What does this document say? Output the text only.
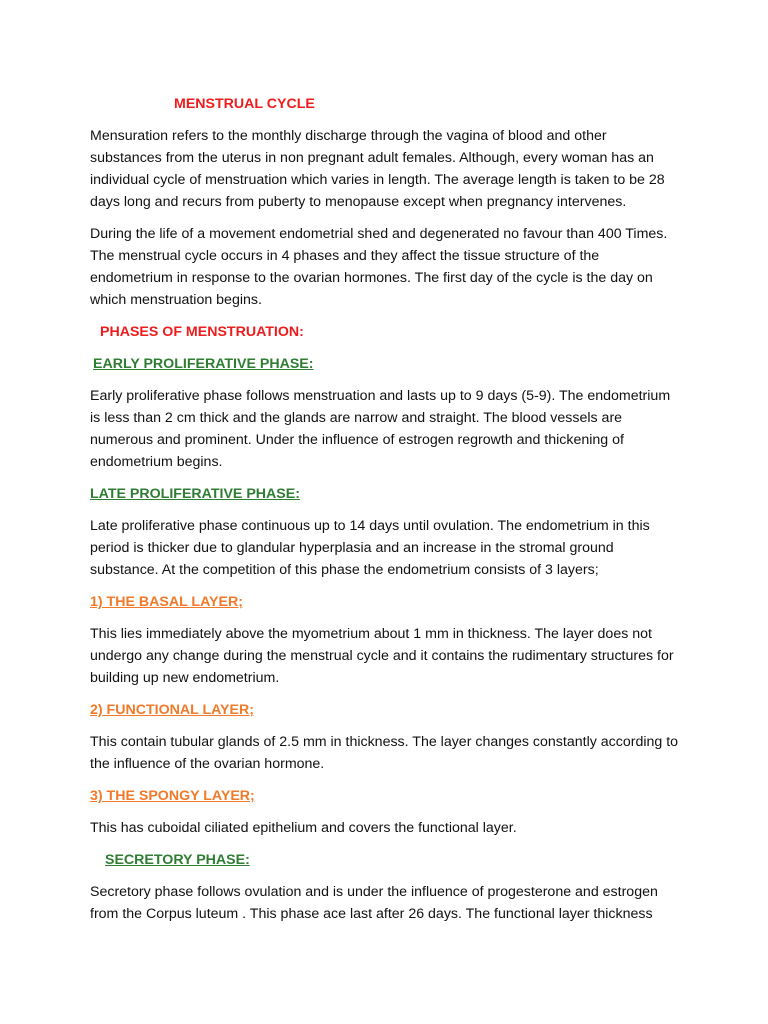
MENSTRUAL CYCLE

Mensuration refers to the monthly discharge through the vagina of blood and other substances from the uterus in non pregnant adult females. Although, every woman has an individual cycle of menstruation which varies in length. The average length is taken to be 28 days long and recurs from puberty to menopause except when pregnancy intervenes.

During the life of a movement endometrial shed and degenerated no favour than 400 Times. The menstrual cycle occurs in 4 phases and they affect the tissue structure of the endometrium in response to the ovarian hormones. The first day of the cycle is the day on which menstruation begins.

PHASES OF MENSTRUATION:
EARLY PROLIFERATIVE PHASE:

Early proliferative phase follows menstruation and lasts up to 9 days (5-9). The endometrium is less than 2 cm thick and the glands are narrow and straight. The blood vessels are numerous and prominent. Under the influence of estrogen regrowth and thickening of endometrium begins.

LATE PROLIFERATIVE PHASE:

Late proliferative phase continuous up to 14 days until ovulation. The endometrium in this period is thicker due to glandular hyperplasia and an increase in the stromal ground substance. At the competition of this phase the endometrium consists of 3 layers;

1) THE BASAL LAYER;

This lies immediately above the myometrium about 1 mm in thickness. The layer does not undergo any change during the menstrual cycle and it contains the rudimentary structures for building up new endometrium.

2) FUNCTIONAL LAYER;

This contain tubular glands of 2.5 mm in thickness. The layer changes constantly according to the influence of the ovarian hormone.

3) THE SPONGY LAYER;

This has cuboidal ciliated epithelium and covers the functional layer.

SECRETORY PHASE:

Secretory phase follows ovulation and is under the influence of progesterone and estrogen from the Corpus luteum . This phase ace last after 26 days. The functional layer thickness
